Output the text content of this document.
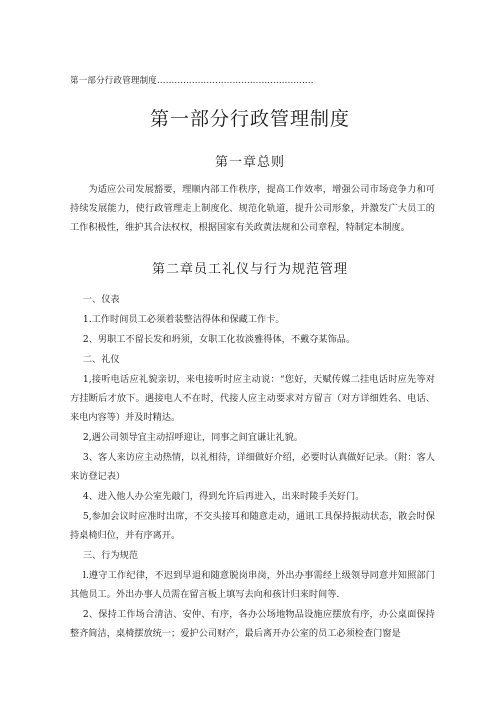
第一部分行政管理制度......................................................
第一部分行政管理制度
第一章总则

为适应公司发展豁要，理顺内部工作秩序，提高工作效率，增强公司市场竞争力和可持续发展能力，使行政管理走上制度化、规范化轨道，提升公司形象，并激发广大员工的工作积极性，维护其合法权权，根据国家有关政黄法规和公司章程，特制定本制度。

第二章员工礼仪与行为规范管理

一、仪表

1.工作时间员工必须着装整洁得体和保藏工作卡。

2、男职工不留长发和坍须，女职工化妆淡雅得体，不戴夺某饰品。

二、礼仪

1,接听电话应礼貌亲切，来电接听时应主动说：“您好，天赋传媒二挂电话时应先等对方挂断后才放下。遇接电人不在时，代接人应主动要求对方留言（对方详细姓名、电话、来电内容等）并及时精达。

2,遇公司领导宜主动招呼迎让，同事之间宜谦让礼貌。

3、客人来访应主动热情，以礼相待，详细做好介绍，必要时认真做好记录。（附：客人来访登记表）

4、进入他人办公室先敲门，得到允许后再进入，出来时陵手关好门。

5,参加会议时应准时出席，不交头接耳和随意走动，通讯工具保持振动状态，散会时保持桌椅归位，并有序离开。

三、行为规范

l.遵守工作纪律，不迟到早退和随意脱岗串岗，外出办事需经上级领导同意并知照部门其他员工。外出办事人员需在留言板上填写去向和孩计归来时间等.

2、保持工作场合清洁、安仲、有序，各办公场地物品设施应摆放有序，办公桌面保持整齐简洁，桌椅摆放统一；爱护公司财产，最后离开办公室的员工必须检查门窗是
